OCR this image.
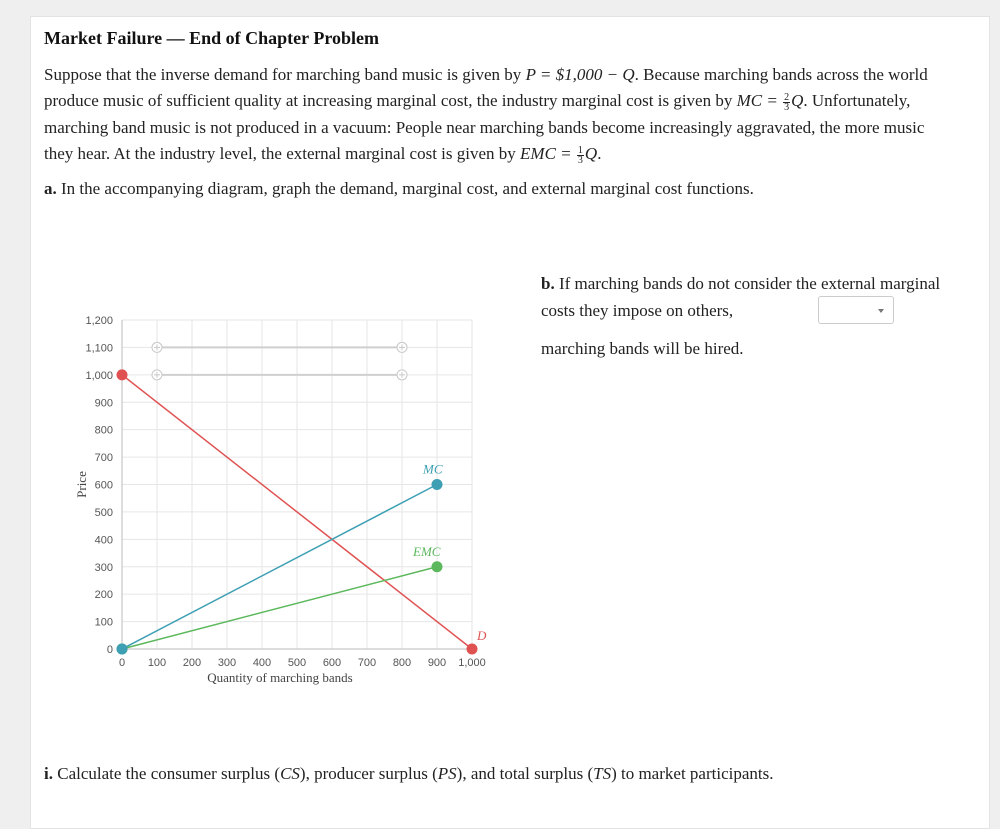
Market Failure — End of Chapter Problem
Suppose that the inverse demand for marching band music is given by P = $1,000 − Q. Because marching bands across the world produce music of sufficient quality at increasing marginal cost, the industry marginal cost is given by MC = $\frac{2}{3} Q$. Unfortunately, marching band music is not produced in a vacuum: People near marching bands become increasingly aggravated, the more music they hear. At the industry level, the external marginal cost is given by EMC = $\frac{1}{3} Q$.
a. In the accompanying diagram, graph the demand, marginal cost, and external marginal cost functions.
b. If marching bands do not consider the external marginal costs they impose on others,

marching bands will be hired.
i. Calculate the consumer surplus (CS), producer surplus (PS), and total surplus (TS) to market participants.
0
100
200
300
400
500
600
700
800
900
1,000
1,100
1,200
0 100 200 300 400 500 600 700 800 900 1,000
Quantity of marching bands
Price
D
MC
EMC
